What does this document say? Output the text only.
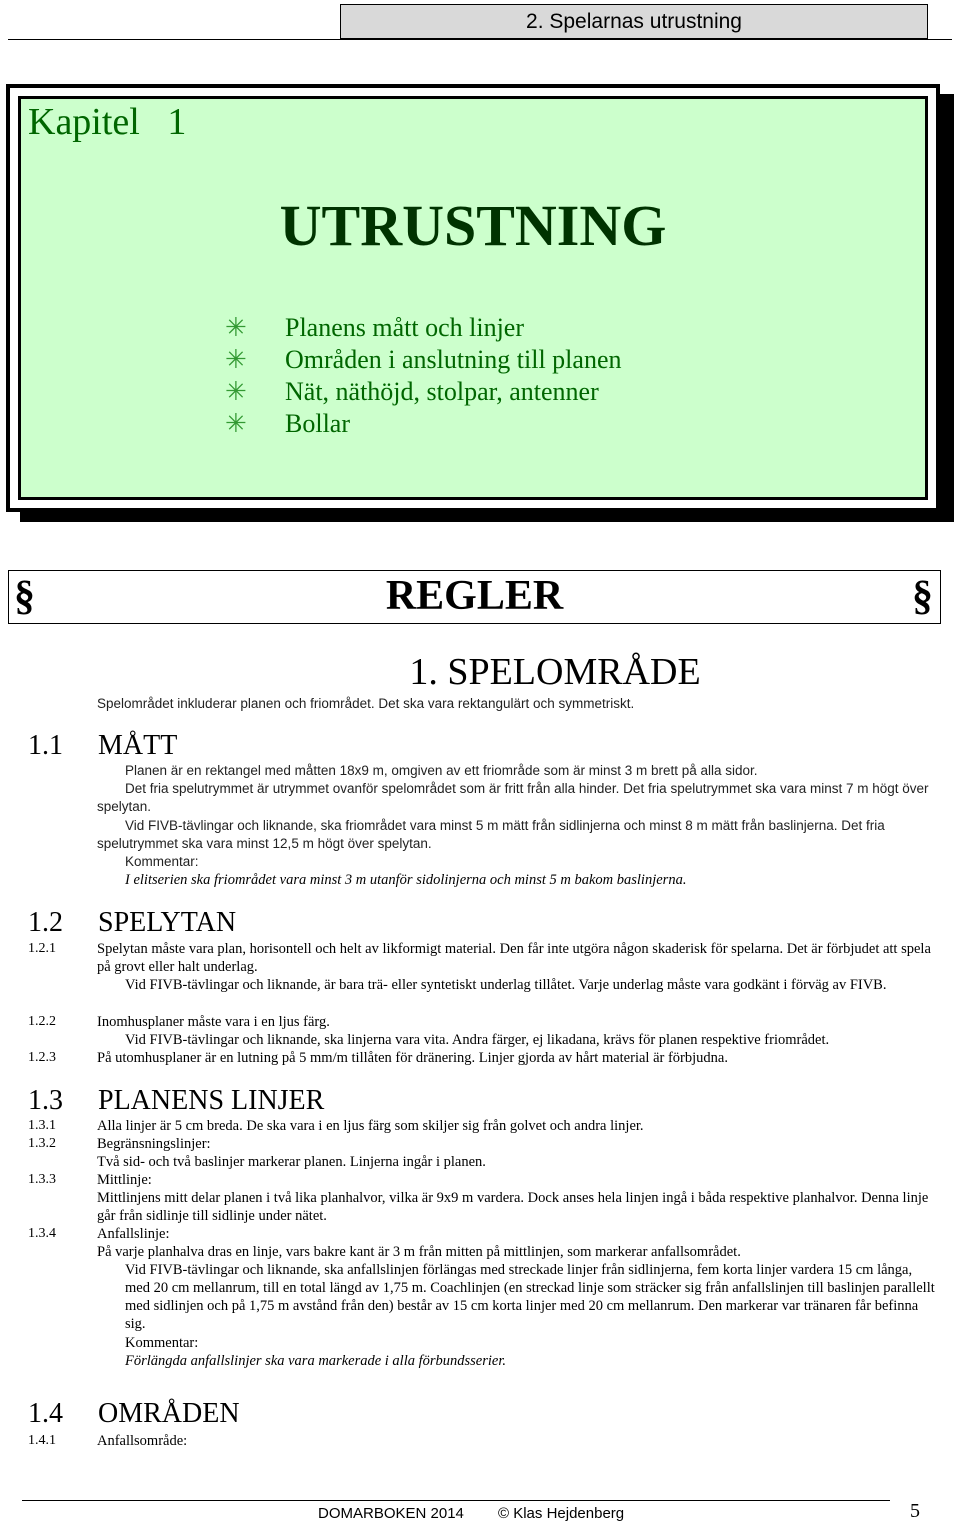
2. Spelarnas utrustning
Kapitel 1
UTRUSTNING
✳ Planens mått och linjer
✳ Områden i anslutning till planen
✳ Nät, näthöjd, stolpar, antenner
✳ Bollar
§	REGLER	§
1. SPELOMRÅDE
Spelområdet inkluderar planen och friområdet. Det ska vara rektangulärt och symmetriskt.
1.1 MÅTT
Planen är en rektangel med måtten 18x9 m, omgiven av ett friområde som är minst 3 m brett på alla sidor.
Det fria spelutrymmet är utrymmet ovanför spelområdet som är fritt från alla hinder. Det fria spelutrymmet ska vara minst 7 m högt över spelytan.
Vid FIVB-tävlingar och liknande, ska friområdet vara minst 5 m mätt från sidlinjerna och minst 8 m mätt från baslinjerna. Det fria spelutrymmet ska vara minst 12,5 m högt över spelytan.
Kommentar:
I elitserien ska friområdet vara minst 3 m utanför sidolinjerna och minst 5 m bakom baslinjerna.
1.2 SPELYTAN
1.2.1	Spelytan måste vara plan, horisontell och helt av likformigt material. Den får inte utgöra någon skaderisk för spelarna. Det är förbjudet att spela på grovt eller halt underlag.
Vid FIVB-tävlingar och liknande, är bara trä- eller syntetiskt underlag tillåtet. Varje underlag måste vara godkänt i förväg av FIVB.
1.2.2	Inomhusplaner måste vara i en ljus färg.
Vid FIVB-tävlingar och liknande, ska linjerna vara vita. Andra färger, ej likadana, krävs för planen respektive friområdet.
1.2.3	På utomhusplaner är en lutning på 5 mm/m tillåten för dränering. Linjer gjorda av hårt material är förbjudna.
1.3 PLANENS LINJER
1.3.1	Alla linjer är 5 cm breda. De ska vara i en ljus färg som skiljer sig från golvet och andra linjer.
1.3.2	Begränsningslinjer:
Två sid- och två baslinjer markerar planen. Linjerna ingår i planen.
1.3.3	Mittlinje:
Mittlinjens mitt delar planen i två lika planhalvor, vilka är 9x9 m vardera. Dock anses hela linjen ingå i båda respektive planhalvor. Denna linje går från sidlinje till sidlinje under nätet.
1.3.4	Anfallslinje:
På varje planhalva dras en linje, vars bakre kant är 3 m från mitten på mittlinjen, som markerar anfallsområdet.
Vid FIVB-tävlingar och liknande, ska anfallslinjen förlängas med streckade linjer från sidlinjerna, fem korta linjer vardera 15 cm långa, med 20 cm mellanrum, till en total längd av 1,75 m. Coachlinjen (en streckad linje som sträcker sig från anfallslinjen till baslinjen parallellt med sidlinjen och på 1,75 m avstånd från den) består av 15 cm korta linjer med 20 cm mellanrum. Den markerar var tränaren får befinna sig.
Kommentar:
Förlängda anfallslinjer ska vara markerade i alla förbundsserier.
1.4 OMRÅDEN
1.4.1	Anfallsområde:
DOMARBOKEN 2014 © Klas Hejdenberg	5
